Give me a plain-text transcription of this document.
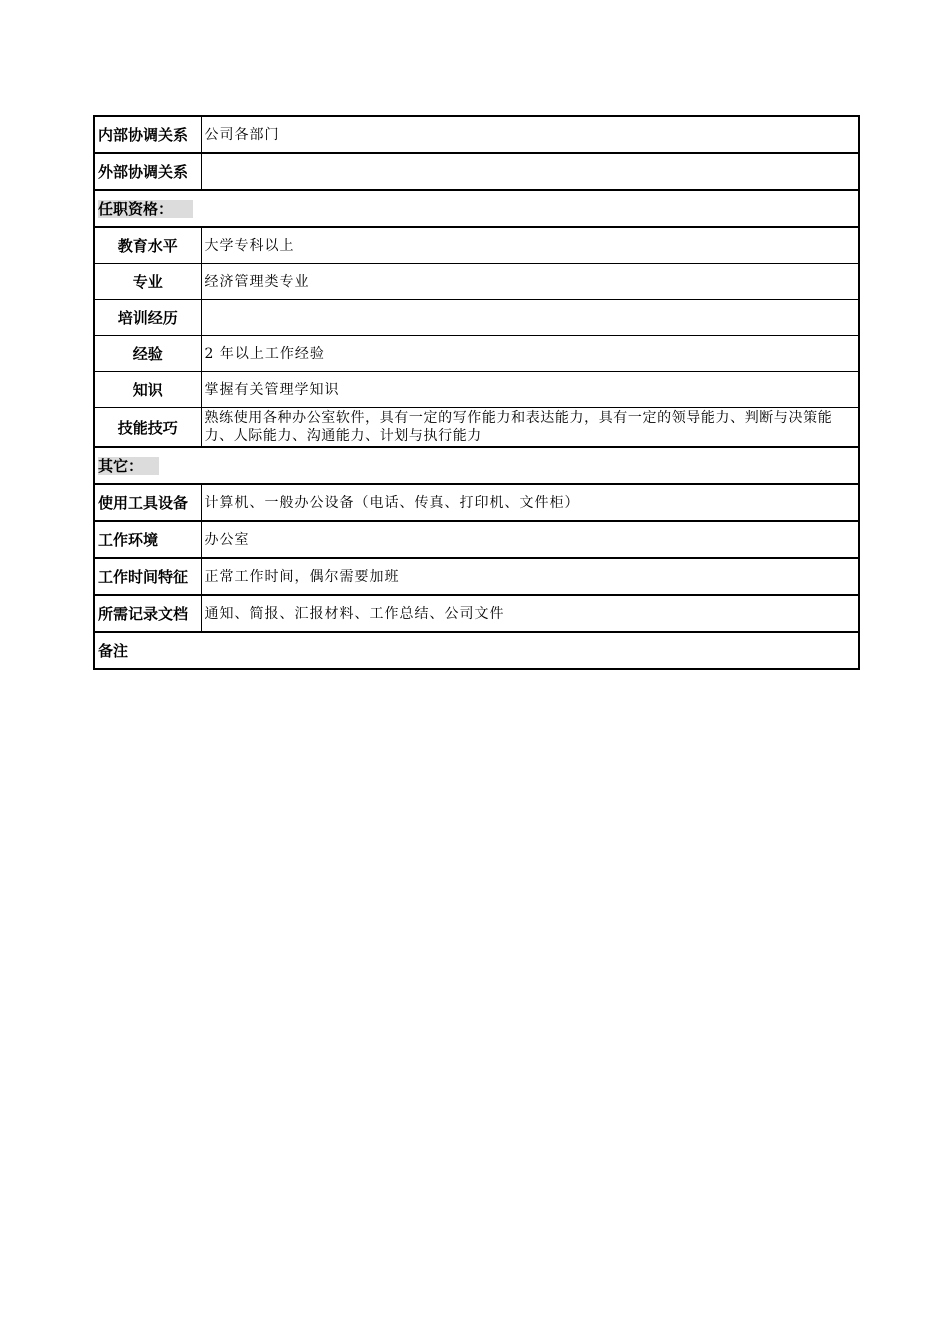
内部协调关系	公司各部门
外部协调关系	
任职资格：	
教育水平	大学专科以上
专业	经济管理类专业
培训经历	
经验	2 年以上工作经验
知识	掌握有关管理学知识
技能技巧	熟练使用各种办公室软件，具有一定的写作能力和表达能力，具有一定的领导能力、判断与决策能力、人际能力、沟通能力、计划与执行能力
其它：	
使用工具设备	计算机、一般办公设备（电话、传真、打印机、文件柜）
工作环境	办公室
工作时间特征	正常工作时间，偶尔需要加班
所需记录文档	通知、简报、汇报材料、工作总结、公司文件
备注	
